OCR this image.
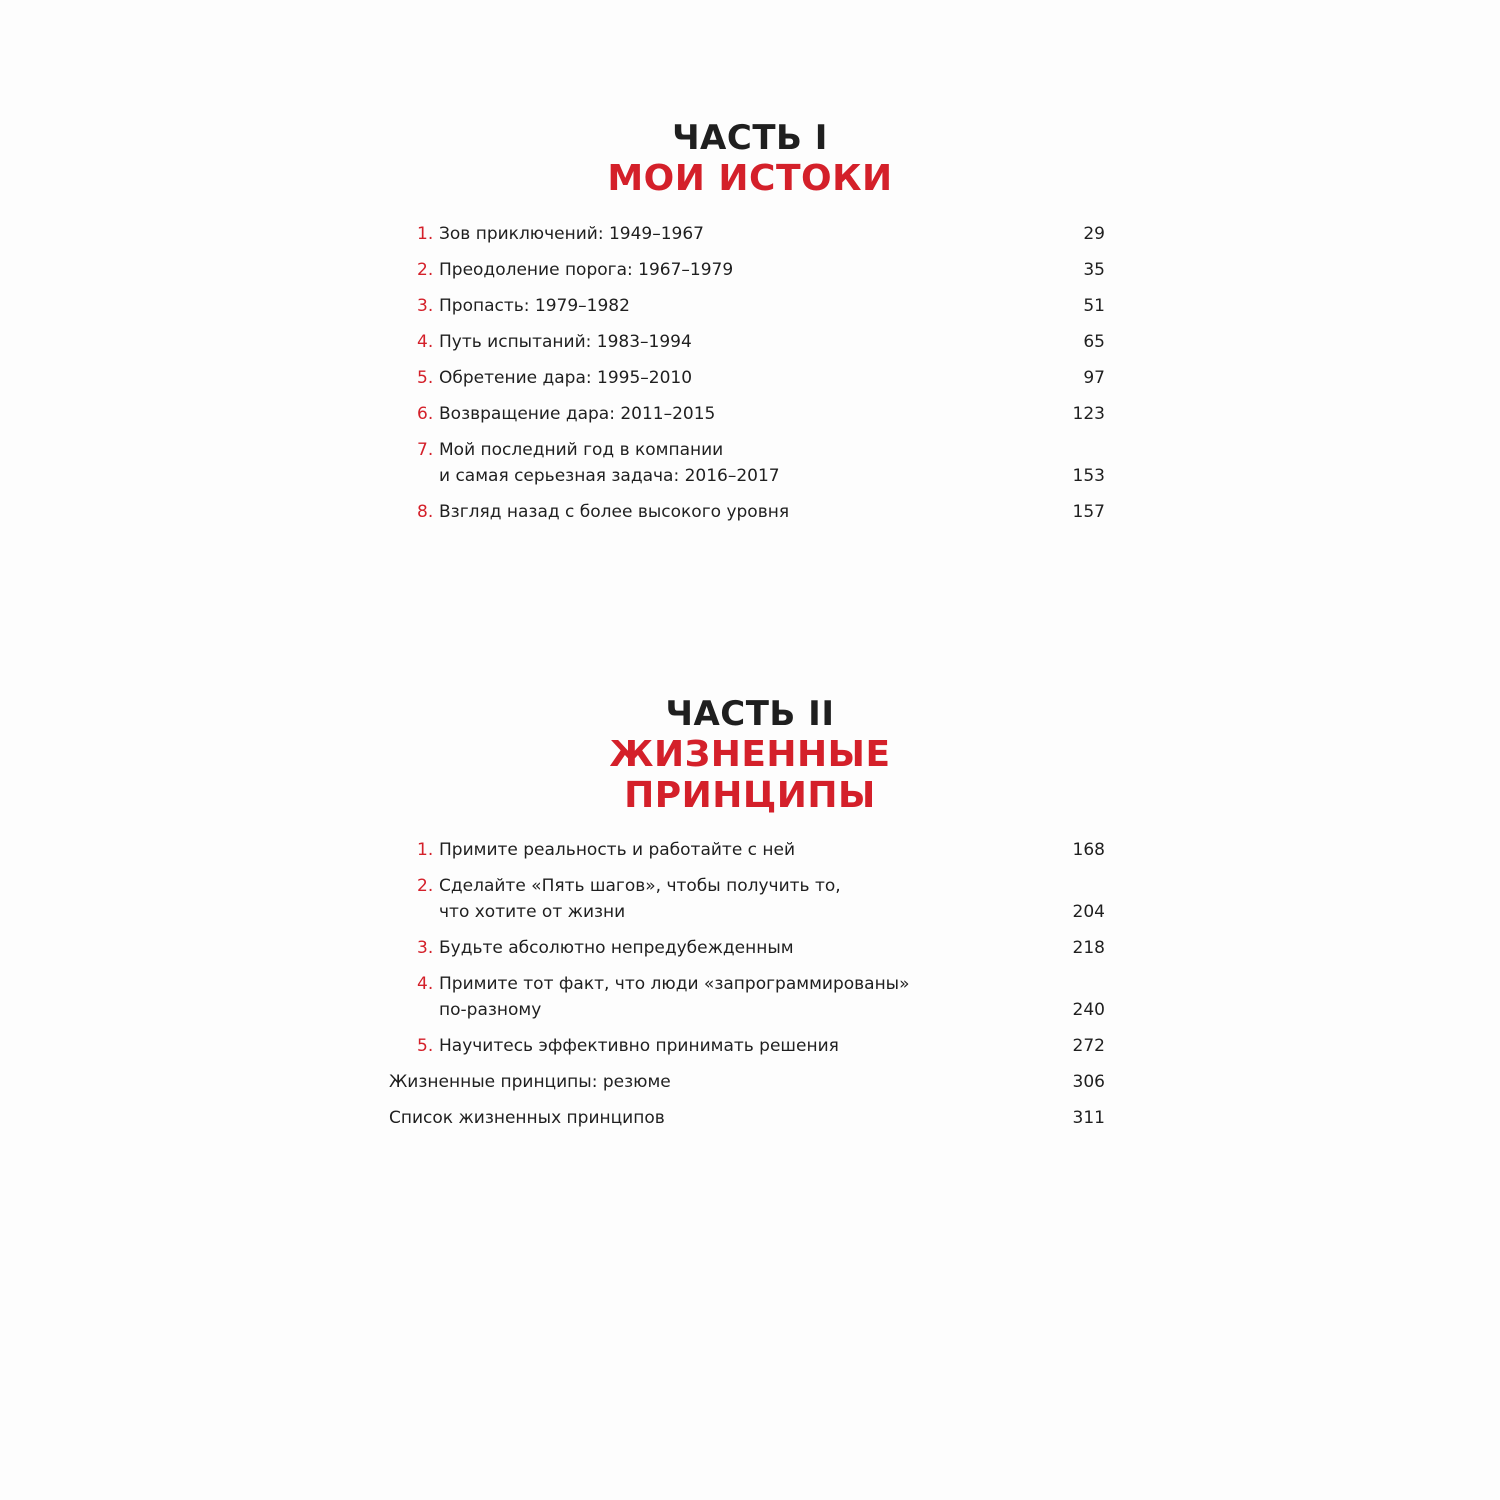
ЧАСТЬ I
МОИ ИСТОКИ
1. Зов приключений: 1949–1967	29
2. Преодоление порога: 1967–1979	35
3. Пропасть: 1979–1982	51
4. Путь испытаний: 1983–1994	65
5. Обретение дара: 1995–2010	97
6. Возвращение дара: 2011–2015	123
7. Мой последний год в компании
и самая серьезная задача: 2016–2017	153
8. Взгляд назад с более высокого уровня	157
ЧАСТЬ II
ЖИЗНЕННЫЕ
ПРИНЦИПЫ
1. Примите реальность и работайте с ней	168
2. Сделайте «Пять шагов», чтобы получить то,
что хотите от жизни	204
3. Будьте абсолютно непредубежденным	218
4. Примите тот факт, что люди «запрограммированы»
по-разному	240
5. Научитесь эффективно принимать решения	272
Жизненные принципы: резюме	306
Список жизненных принципов	311
